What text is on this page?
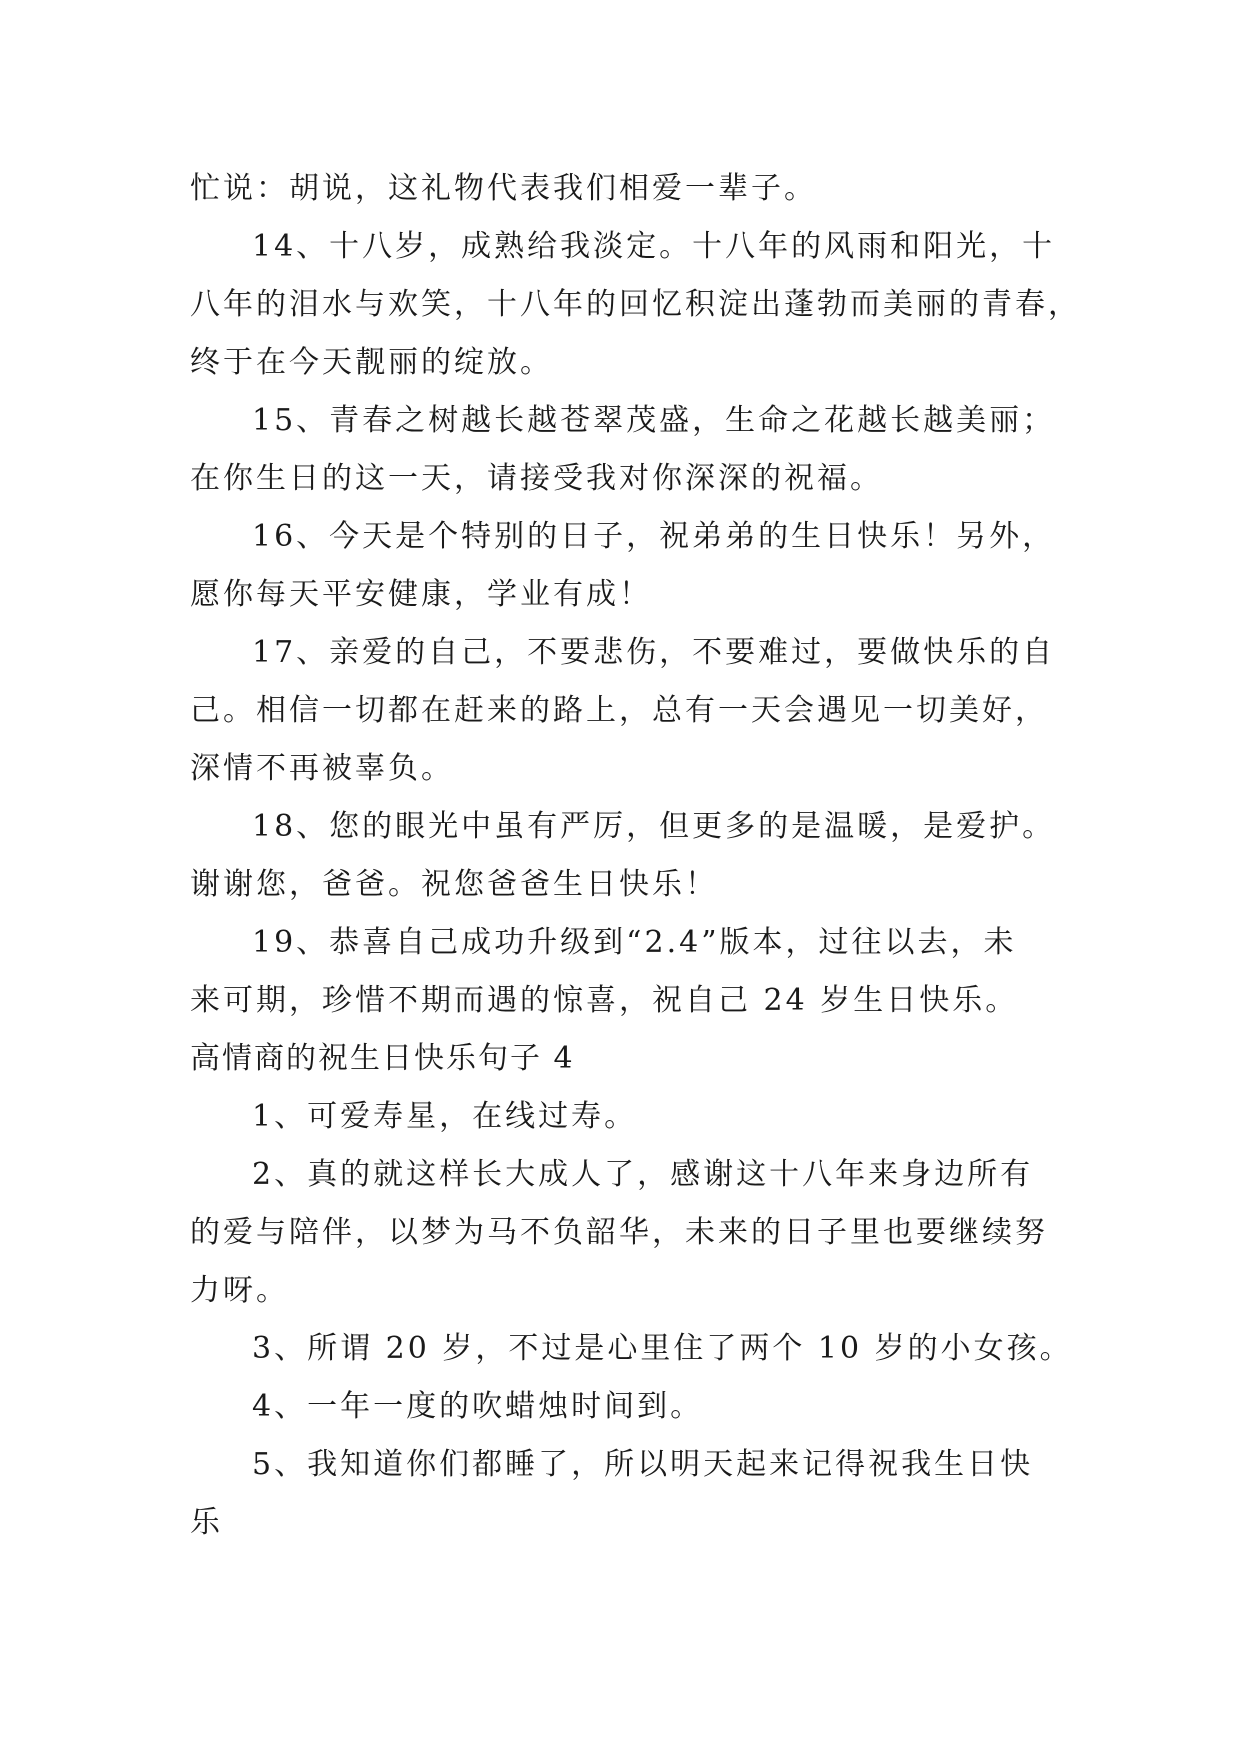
忙说：胡说，这礼物代表我们相爱一辈子。
14、十八岁，成熟给我淡定。十八年的风雨和阳光，十
八年的泪水与欢笑，十八年的回忆积淀出蓬勃而美丽的青春，
终于在今天靓丽的绽放。
15、青春之树越长越苍翠茂盛，生命之花越长越美丽；
在你生日的这一天，请接受我对你深深的祝福。
16、今天是个特别的日子，祝弟弟的生日快乐！另外，
愿你每天平安健康，学业有成！
17、亲爱的自己，不要悲伤，不要难过，要做快乐的自
己。相信一切都在赶来的路上，总有一天会遇见一切美好，
深情不再被辜负。
18、您的眼光中虽有严厉，但更多的是温暖，是爱护。
谢谢您，爸爸。祝您爸爸生日快乐！
19、恭喜自己成功升级到“2.4”版本，过往以去，未
来可期，珍惜不期而遇的惊喜，祝自己 24 岁生日快乐。
高情商的祝生日快乐句子 4
1、可爱寿星，在线过寿。
2、真的就这样长大成人了，感谢这十八年来身边所有
的爱与陪伴，以梦为马不负韶华，未来的日子里也要继续努
力呀。
3、所谓 20 岁，不过是心里住了两个 10 岁的小女孩。
4、一年一度的吹蜡烛时间到。
5、我知道你们都睡了，所以明天起来记得祝我生日快
乐
